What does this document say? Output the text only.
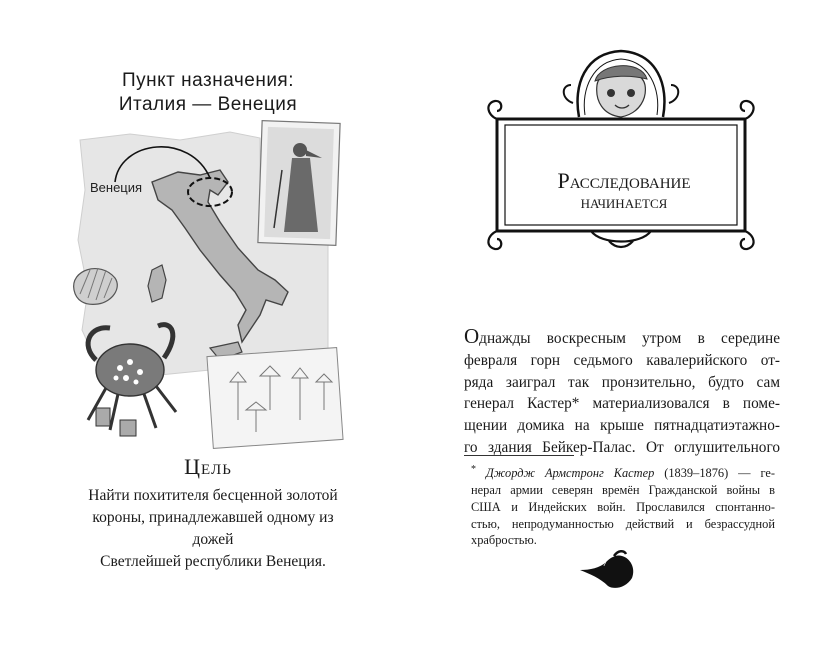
Пункт назначения:
Италия — Венеция
Венеция
Цель
Найти похитителя бесценной золотой
короны, принадлежавшей одному из дожей
Светлейшей республики Венеция.
Расследование
начинается
Однажды воскресным утром в середине
февраля горн седьмого кавалерийского от-
ряда заиграл так пронзительно, будто сам
генерал Кастер* материализовался в поме-
щении домика на крыше пятнадцатиэтажно-
го здания Бейкер-Палас. От оглушительного
* Джордж Армстронг Кастер (1839–1876) — ге-
нерал армии северян времён Гражданской войны в
США и Индейских войн. Прославился спонтанно-
стью, непродуманностью действий и безрассудной
храбростью.
7
